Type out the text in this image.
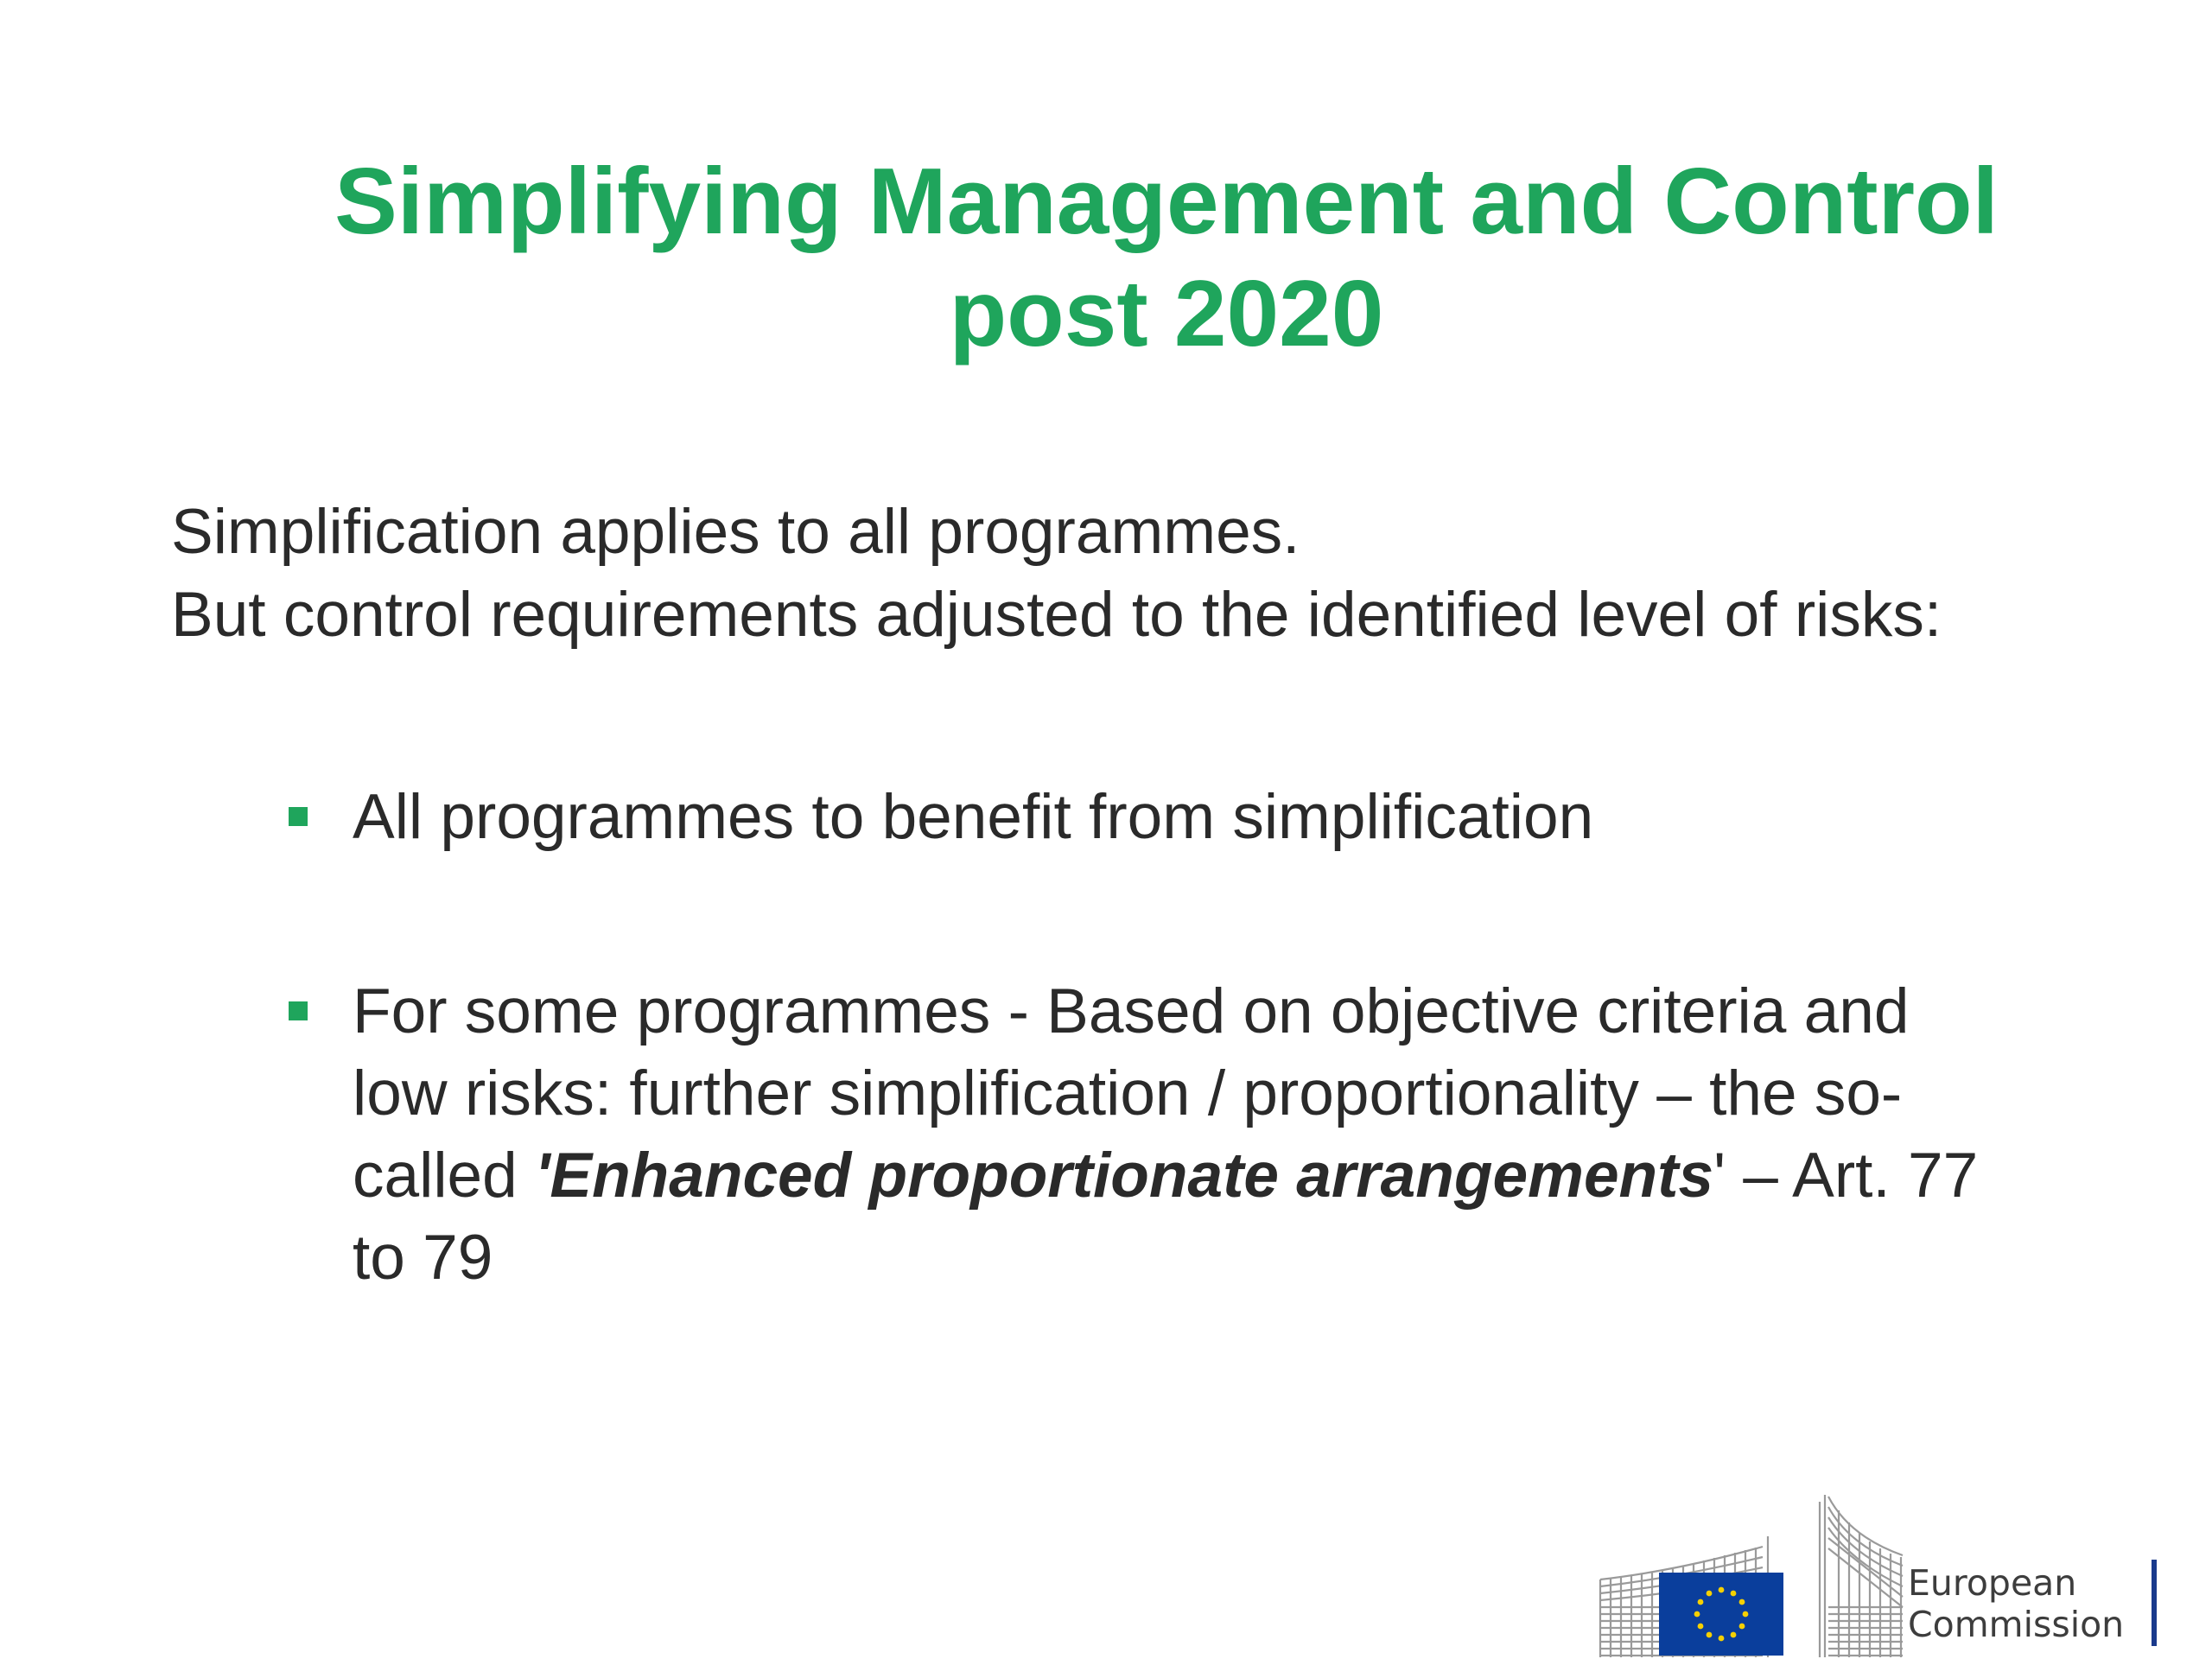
Simplifying Management and Control
post 2020
Simplification applies to all programmes.
But control requirements adjusted to the identified level of risks:
All programmes to benefit from simplification
For some programmes - Based on objective criteria and
low risks: further simplification / proportionality – the so-
called 'Enhanced proportionate arrangements' – Art. 77
to 79
European
Commission
